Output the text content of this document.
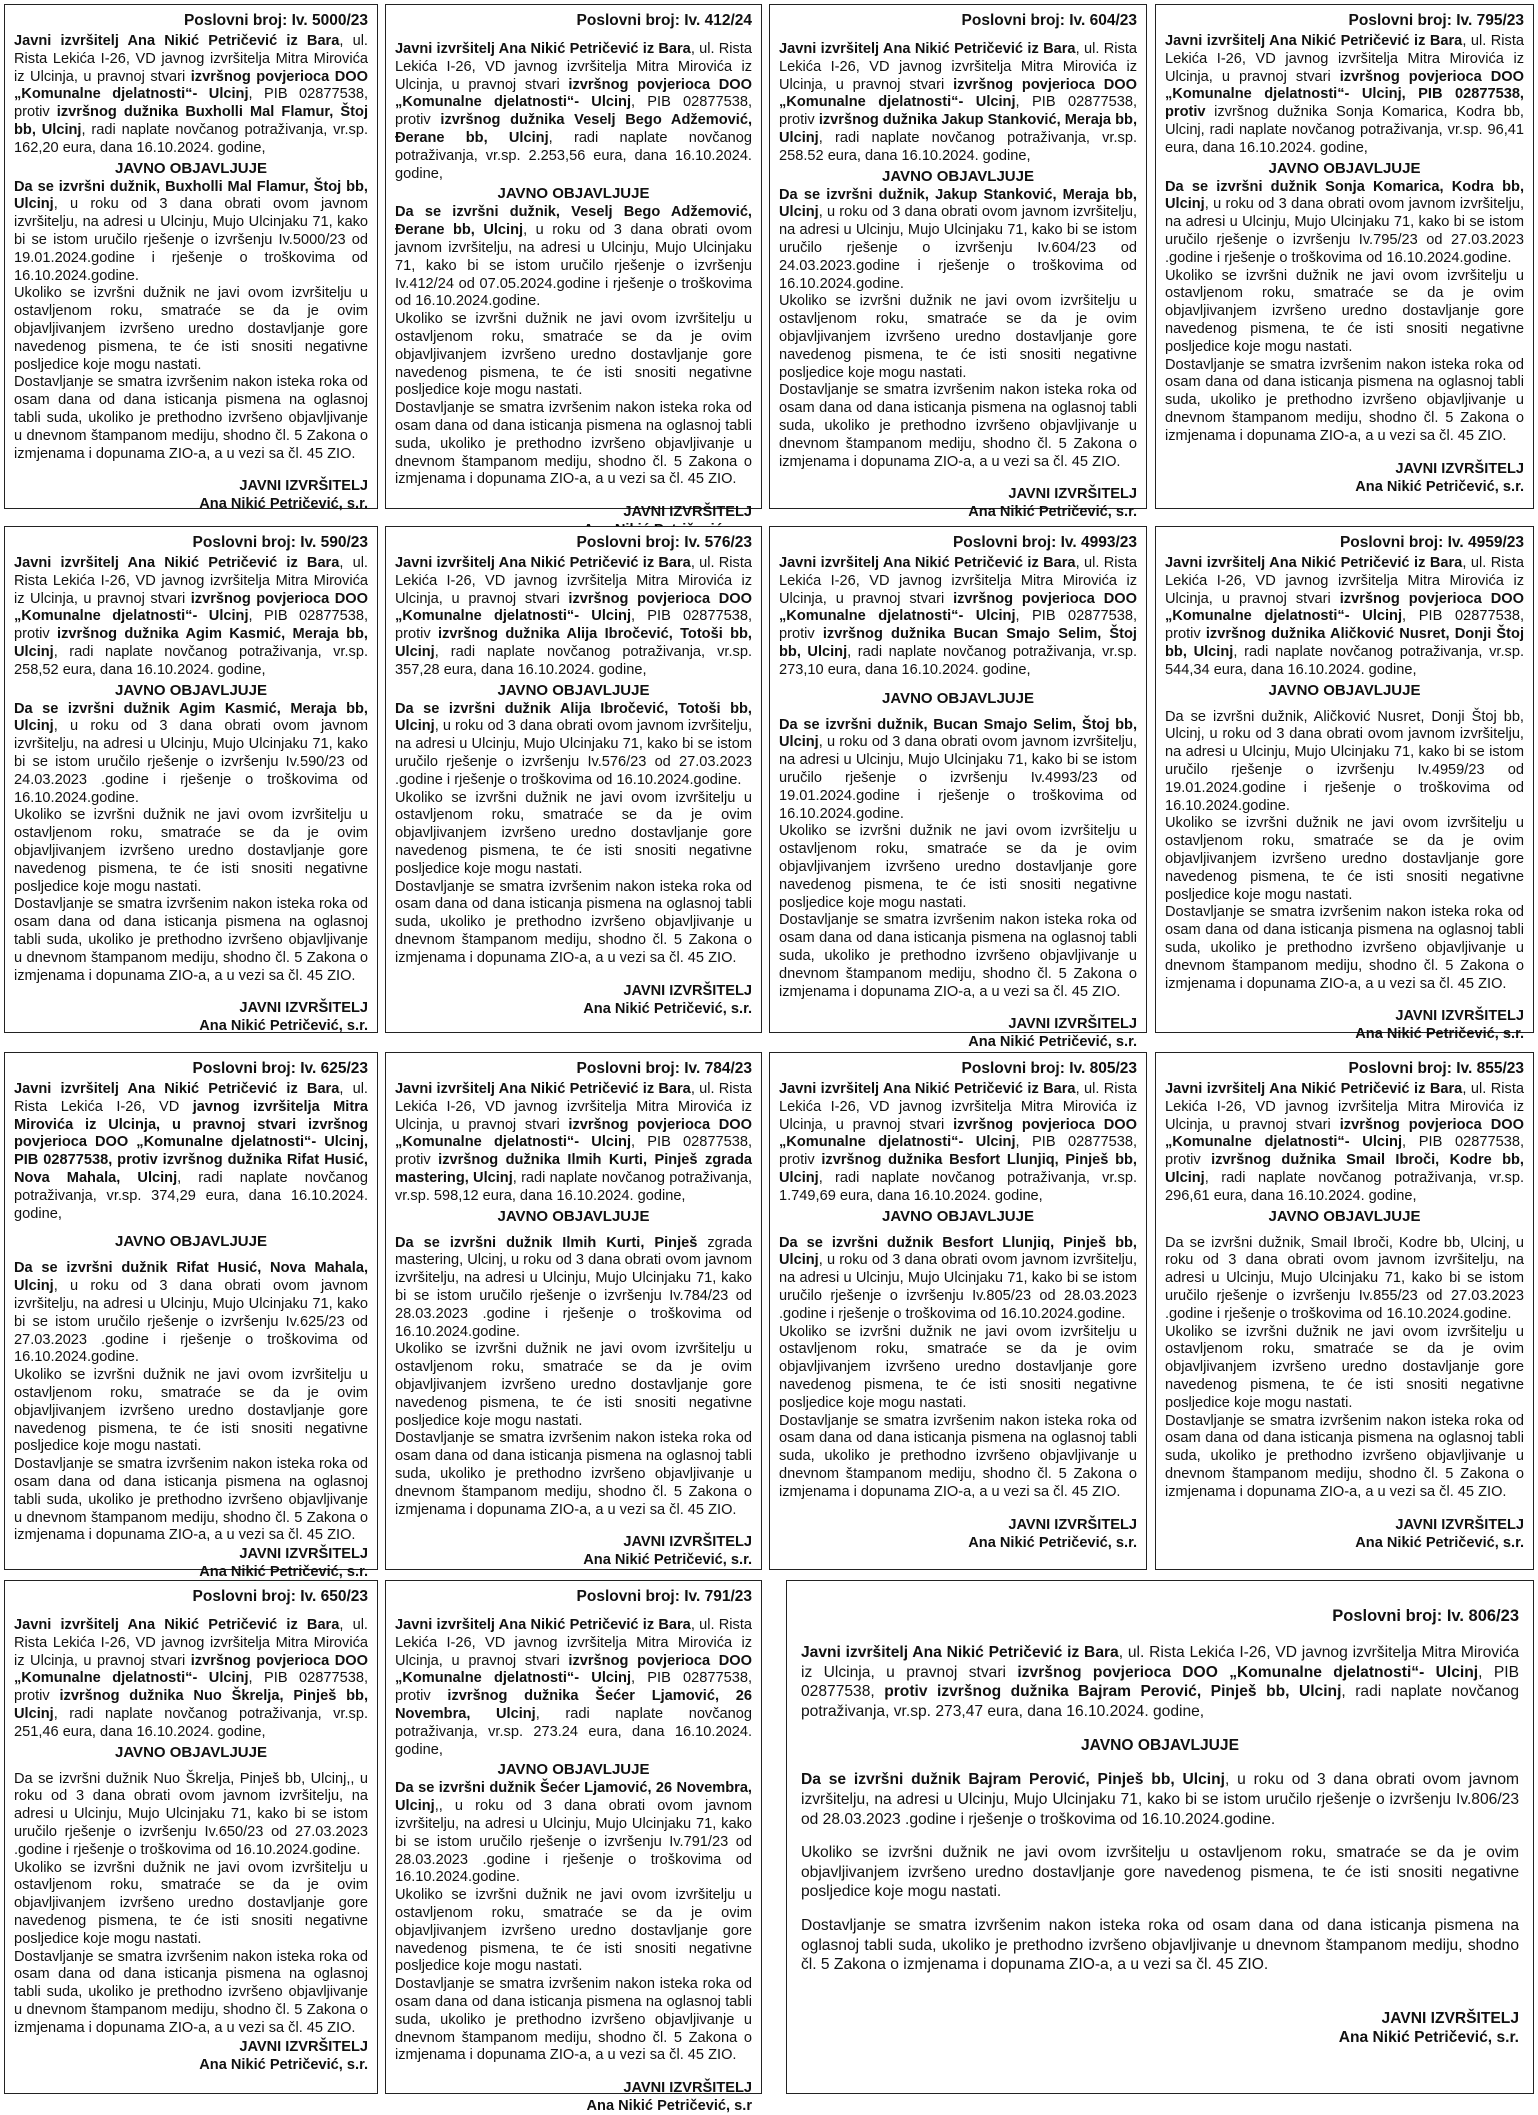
Poslovni broj: Iv. 5000/23
Javni izvršitelj Ana Nikić Petričević iz Bara, ul. Rista Lekića I-26, VD javnog izvršitelja Mitra Mirovića iz Ulcinja, u pravnoj stvari izvršnog povjerioca DOO „Komunalne djelatnosti“- Ulcinj, PIB 02877538, protiv izvršnog dužnika Buxholli Mal Flamur, Štoj bb, Ulcinj, radi naplate novčanog potraživanja, vr.sp. 162,20 eura, dana 16.10.2024. godine,
JAVNO OBJAVLJUJE
Da se izvršni dužnik, Buxholli Mal Flamur, Štoj bb, Ulcinj, u roku od 3 dana obrati ovom javnom izvršitelju, na adresi u Ulcinju, Mujo Ulcinjaku 71, kako bi se istom uručilo rješenje o izvršenju Iv.5000/23 od 19.01.2024.godine i rješenje o troškovima od 16.10.2024.godine.
Ukoliko se izvršni dužnik ne javi ovom izvršitelju u ostavljenom roku, smatraće se da je ovim objavljivanjem izvršeno uredno dostavljanje gore navedenog pismena, te će isti snositi negativne posljedice koje mogu nastati.
Dostavljanje se smatra izvršenim nakon isteka roka od osam dana od dana isticanja pismena na oglasnoj tabli suda, ukoliko je prethodno izvršeno objavljivanje u dnevnom štampanom mediju, shodno čl. 5 Zakona o izmjenama i dopunama ZIO-a, a u vezi sa čl. 45 ZIO.
JAVNI IZVRŠITELJ
Ana Nikić Petričević, s.r.
Poslovni broj: Iv. 412/24
Javni izvršitelj Ana Nikić Petričević iz Bara, ul. Rista Lekića I-26, VD javnog izvršitelja Mitra Mirovića iz Ulcinja, u pravnoj stvari izvršnog povjerioca DOO „Komunalne djelatnosti“- Ulcinj, PIB 02877538, protiv izvršnog dužnika Veselj Bego Adžemović, Đerane bb, Ulcinj, radi naplate novčanog potraživanja, vr.sp. 2.253,56 eura, dana 16.10.2024. godine,
JAVNO OBJAVLJUJE
Da se izvršni dužnik, Veselj Bego Adžemović, Đerane bb, Ulcinj, u roku od 3 dana obrati ovom javnom izvršitelju, na adresi u Ulcinju, Mujo Ulcinjaku 71, kako bi se istom uručilo rješenje o izvršenju Iv.412/24 od 07.05.2024.godine i rješenje o troškovima od 16.10.2024.godine.
Ukoliko se izvršni dužnik ne javi ovom izvršitelju u ostavljenom roku, smatraće se da je ovim objavljivanjem izvršeno uredno dostavljanje gore navedenog pismena, te će isti snositi negativne posljedice koje mogu nastati.
Dostavljanje se smatra izvršenim nakon isteka roka od osam dana od dana isticanja pismena na oglasnoj tabli suda, ukoliko je prethodno izvršeno objavljivanje u dnevnom štampanom mediju, shodno čl. 5 Zakona o izmjenama i dopunama ZIO-a, a u vezi sa čl. 45 ZIO.
JAVNI IZVRŠITELJ
Poslovni broj: Iv. 604/23
Javni izvršitelj Ana Nikić Petričević iz Bara, ul. Rista Lekića I-26, VD javnog izvršitelja Mitra Mirovića iz Ulcinja, u pravnoj stvari izvršnog povjerioca DOO „Komunalne djelatnosti“- Ulcinj, PIB 02877538, protiv izvršnog dužnika Jakup Stanković, Meraja bb, Ulcinj, radi naplate novčanog potraživanja, vr.sp. 258.52 eura, dana 16.10.2024. godine,
JAVNO OBJAVLJUJE
Da se izvršni dužnik, Jakup Stanković, Meraja bb, Ulcinj, u roku od 3 dana obrati ovom javnom izvršitelju, na adresi u Ulcinju, Mujo Ulcinjaku 71, kako bi se istom uručilo rješenje o izvršenju Iv.604/23 od 24.03.2023.godine i rješenje o troškovima od 16.10.2024.godine.
Ukoliko se izvršni dužnik ne javi ovom izvršitelju u ostavljenom roku, smatraće se da je ovim objavljivanjem izvršeno uredno dostavljanje gore navedenog pismena, te će isti snositi negativne posljedice koje mogu nastati.
Dostavljanje se smatra izvršenim nakon isteka roka od osam dana od dana isticanja pismena na oglasnoj tabli suda, ukoliko je prethodno izvršeno objavljivanje u dnevnom štampanom mediju, shodno čl. 5 Zakona o izmjenama i dopunama ZIO-a, a u vezi sa čl. 45 ZIO.
JAVNI IZVRŠITELJ
Ana Nikić Petričević, s.r.
Poslovni broj: Iv. 795/23
Javni izvršitelj Ana Nikić Petričević iz Bara, ul. Rista Lekića I-26, VD javnog izvršitelja Mitra Mirovića iz Ulcinja, u pravnoj stvari izvršnog povjerioca DOO „Komunalne djelatnosti“- Ulcinj, PIB 02877538, protiv izvršnog dužnika Sonja Komarica, Kodra bb, Ulcinj, radi naplate novčanog potraživanja, vr.sp. 96,41 eura, dana 16.10.2024. godine,
JAVNO OBJAVLJUJE
Da se izvršni dužnik Sonja Komarica, Kodra bb, Ulcinj, u roku od 3 dana obrati ovom javnom izvršitelju, na adresi u Ulcinju, Mujo Ulcinjaku 71, kako bi se istom uručilo rješenje o izvršenju Iv.795/23 od 27.03.2023 .godine i rješenje o troškovima od 16.10.2024.godine.
Ukoliko se izvršni dužnik ne javi ovom izvršitelju u ostavljenom roku, smatraće se da je ovim objavljivanjem izvršeno uredno dostavljanje gore navedenog pismena, te će isti snositi negativne posljedice koje mogu nastati.
Dostavljanje se smatra izvršenim nakon isteka roka od osam dana od dana isticanja pismena na oglasnoj tabli suda, ukoliko je prethodno izvršeno objavljivanje u dnevnom štampanom mediju, shodno čl. 5 Zakona o izmjenama i dopunama ZIO-a, a u vezi sa čl. 45 ZIO.
JAVNI IZVRŠITELJ
Ana Nikić Petričević, s.r.
Poslovni broj: Iv. 590/23
Javni izvršitelj Ana Nikić Petričević iz Bara, ul. Rista Lekića I-26, VD javnog izvršitelja Mitra Mirovića iz Ulcinja, u pravnoj stvari izvršnog povjerioca DOO „Komunalne djelatnosti“- Ulcinj, PIB 02877538, protiv izvršnog dužnika Agim Kasmić, Meraja bb, Ulcinj, radi naplate novčanog potraživanja, vr.sp. 258,52 eura, dana 16.10.2024. godine,
JAVNO OBJAVLJUJE
Da se izvršni dužnik Agim Kasmić, Meraja bb, Ulcinj, u roku od 3 dana obrati ovom javnom izvršitelju, na adresi u Ulcinju, Mujo Ulcinjaku 71, kako bi se istom uručilo rješenje o izvršenju Iv.590/23 od 24.03.2023 .godine i rješenje o troškovima od 16.10.2024.godine.
Ukoliko se izvršni dužnik ne javi ovom izvršitelju u ostavljenom roku, smatraće se da je ovim objavljivanjem izvršeno uredno dostavljanje gore navedenog pismena, te će isti snositi negativne posljedice koje mogu nastati.
Dostavljanje se smatra izvršenim nakon isteka roka od osam dana od dana isticanja pismena na oglasnoj tabli suda, ukoliko je prethodno izvršeno objavljivanje u dnevnom štampanom mediju, shodno čl. 5 Zakona o izmjenama i dopunama ZIO-a, a u vezi sa čl. 45 ZIO.
JAVNI IZVRŠITELJ
Ana Nikić Petričević, s.r.
Poslovni broj: Iv. 576/23
Javni izvršitelj Ana Nikić Petričević iz Bara, ul. Rista Lekića I-26, VD javnog izvršitelja Mitra Mirovića iz Ulcinja, u pravnoj stvari izvršnog povjerioca DOO „Komunalne djelatnosti“- Ulcinj, PIB 02877538, protiv izvršnog dužnika Alija Ibročević, Totoši bb, Ulcinj, radi naplate novčanog potraživanja, vr.sp. 357,28 eura, dana 16.10.2024. godine,
JAVNO OBJAVLJUJE
Da se izvršni dužnik Alija Ibročević, Totoši bb, Ulcinj, u roku od 3 dana obrati ovom javnom izvršitelju, na adresi u Ulcinju, Mujo Ulcinjaku 71, kako bi se istom uručilo rješenje o izvršenju Iv.576/23 od 27.03.2023 .godine i rješenje o troškovima od 16.10.2024.godine.
Ukoliko se izvršni dužnik ne javi ovom izvršitelju u ostavljenom roku, smatraće se da je ovim objavljivanjem izvršeno uredno dostavljanje gore navedenog pismena, te će isti snositi negativne posljedice koje mogu nastati.
Dostavljanje se smatra izvršenim nakon isteka roka od osam dana od dana isticanja pismena na oglasnoj tabli suda, ukoliko je prethodno izvršeno objavljivanje u dnevnom štampanom mediju, shodno čl. 5 Zakona o izmjenama i dopunama ZIO-a, a u vezi sa čl. 45 ZIO.
JAVNI IZVRŠITELJ
Ana Nikić Petričević, s.r.
Poslovni broj: Iv. 4993/23
Javni izvršitelj Ana Nikić Petričević iz Bara, ul. Rista Lekića I-26, VD javnog izvršitelja Mitra Mirovića iz Ulcinja, u pravnoj stvari izvršnog povjerioca DOO „Komunalne djelatnosti“- Ulcinj, PIB 02877538, protiv izvršnog dužnika Bucan Smajo Selim, Štoj bb, Ulcinj, radi naplate novčanog potraživanja, vr.sp. 273,10 eura, dana 16.10.2024. godine,
JAVNO OBJAVLJUJE
Da se izvršni dužnik, Bucan Smajo Selim, Štoj bb, Ulcinj, u roku od 3 dana obrati ovom javnom izvršitelju, na adresi u Ulcinju, Mujo Ulcinjaku 71, kako bi se istom uručilo rješenje o izvršenju Iv.4993/23 od 19.01.2024.godine i rješenje o troškovima od 16.10.2024.godine.
Ukoliko se izvršni dužnik ne javi ovom izvršitelju u ostavljenom roku, smatraće se da je ovim objavljivanjem izvršeno uredno dostavljanje gore navedenog pismena, te će isti snositi negativne posljedice koje mogu nastati.
Dostavljanje se smatra izvršenim nakon isteka roka od osam dana od dana isticanja pismena na oglasnoj tabli suda, ukoliko je prethodno izvršeno objavljivanje u dnevnom štampanom mediju, shodno čl. 5 Zakona o izmjenama i dopunama ZIO-a, a u vezi sa čl. 45 ZIO.
JAVNI IZVRŠITELJ
Ana Nikić Petričević, s.r.
Poslovni broj: Iv. 4959/23
Javni izvršitelj Ana Nikić Petričević iz Bara, ul. Rista Lekića I-26, VD javnog izvršitelja Mitra Mirovića iz Ulcinja, u pravnoj stvari izvršnog povjerioca DOO „Komunalne djelatnosti“- Ulcinj, PIB 02877538, protiv izvršnog dužnika Aličković Nusret, Donji Štoj bb, Ulcinj, radi naplate novčanog potraživanja, vr.sp. 544,34 eura, dana 16.10.2024. godine,
JAVNO OBJAVLJUJE
Da se izvršni dužnik, Aličković Nusret, Donji Štoj bb, Ulcinj, u roku od 3 dana obrati ovom javnom izvršitelju, na adresi u Ulcinju, Mujo Ulcinjaku 71, kako bi se istom uručilo rješenje o izvršenju Iv.4959/23 od 19.01.2024.godine i rješenje o troškovima od 16.10.2024.godine.
Ukoliko se izvršni dužnik ne javi ovom izvršitelju u ostavljenom roku, smatraće se da je ovim objavljivanjem izvršeno uredno dostavljanje gore navedenog pismena, te će isti snositi negativne posljedice koje mogu nastati.
Dostavljanje se smatra izvršenim nakon isteka roka od osam dana od dana isticanja pismena na oglasnoj tabli suda, ukoliko je prethodno izvršeno objavljivanje u dnevnom štampanom mediju, shodno čl. 5 Zakona o izmjenama i dopunama ZIO-a, a u vezi sa čl. 45 ZIO.
JAVNI IZVRŠITELJ
Ana Nikić Petričević, s.r.
Poslovni broj: Iv. 625/23
Javni izvršitelj Ana Nikić Petričević iz Bara, ul. Rista Lekića I-26, VD javnog izvršitelja Mitra Mirovića iz Ulcinja, u pravnoj stvari izvršnog povjerioca DOO „Komunalne djelatnosti“- Ulcinj, PIB 02877538, protiv izvršnog dužnika Rifat Husić, Nova Mahala, Ulcinj, radi naplate novčanog potraživanja, vr.sp. 374,29 eura, dana 16.10.2024. godine,
JAVNO OBJAVLJUJE
Da se izvršni dužnik Rifat Husić, Nova Mahala, Ulcinj, u roku od 3 dana obrati ovom javnom izvršitelju, na adresi u Ulcinju, Mujo Ulcinjaku 71, kako bi se istom uručilo rješenje o izvršenju Iv.625/23 od 27.03.2023 .godine i rješenje o troškovima od 16.10.2024.godine.
Ukoliko se izvršni dužnik ne javi ovom izvršitelju u ostavljenom roku, smatraće se da je ovim objavljivanjem izvršeno uredno dostavljanje gore navedenog pismena, te će isti snositi negativne posljedice koje mogu nastati.
Dostavljanje se smatra izvršenim nakon isteka roka od osam dana od dana isticanja pismena na oglasnoj tabli suda, ukoliko je prethodno izvršeno objavljivanje u dnevnom štampanom mediju, shodno čl. 5 Zakona o izmjenama i dopunama ZIO-a, a u vezi sa čl. 45 ZIO.
JAVNI IZVRŠITELJ
Ana Nikić Petričević, s.r.
Poslovni broj: Iv. 784/23
Javni izvršitelj Ana Nikić Petričević iz Bara, ul. Rista Lekića I-26, VD javnog izvršitelja Mitra Mirovića iz Ulcinja, u pravnoj stvari izvršnog povjerioca DOO „Komunalne djelatnosti“- Ulcinj, PIB 02877538, protiv izvršnog dužnika Ilmih Kurti, Pinješ zgrada mastering, Ulcinj, radi naplate novčanog potraživanja, vr.sp. 598,12 eura, dana 16.10.2024. godine,
JAVNO OBJAVLJUJE
Da se izvršni dužnik Ilmih Kurti, Pinješ zgrada mastering, Ulcinj, u roku od 3 dana obrati ovom javnom izvršitelju, na adresi u Ulcinju, Mujo Ulcinjaku 71, kako bi se istom uručilo rješenje o izvršenju Iv.784/23 od 28.03.2023 .godine i rješenje o troškovima od 16.10.2024.godine.
Ukoliko se izvršni dužnik ne javi ovom izvršitelju u ostavljenom roku, smatraće se da je ovim objavljivanjem izvršeno uredno dostavljanje gore navedenog pismena, te će isti snositi negativne posljedice koje mogu nastati.
Dostavljanje se smatra izvršenim nakon isteka roka od osam dana od dana isticanja pismena na oglasnoj tabli suda, ukoliko je prethodno izvršeno objavljivanje u dnevnom štampanom mediju, shodno čl. 5 Zakona o izmjenama i dopunama ZIO-a, a u vezi sa čl. 45 ZIO.
JAVNI IZVRŠITELJ
Ana Nikić Petričević, s.r.
Poslovni broj: Iv. 805/23
Javni izvršitelj Ana Nikić Petričević iz Bara, ul. Rista Lekića I-26, VD javnog izvršitelja Mitra Mirovića iz Ulcinja, u pravnoj stvari izvršnog povjerioca DOO „Komunalne djelatnosti“- Ulcinj, PIB 02877538, protiv izvršnog dužnika Besfort Llunjiq, Pinješ bb, Ulcinj, radi naplate novčanog potraživanja, vr.sp. 1.749,69 eura, dana 16.10.2024. godine,
JAVNO OBJAVLJUJE
Da se izvršni dužnik Besfort Llunjiq, Pinješ bb, Ulcinj, u roku od 3 dana obrati ovom javnom izvršitelju, na adresi u Ulcinju, Mujo Ulcinjaku 71, kako bi se istom uručilo rješenje o izvršenju Iv.805/23 od 28.03.2023 .godine i rješenje o troškovima od 16.10.2024.godine.
Ukoliko se izvršni dužnik ne javi ovom izvršitelju u ostavljenom roku, smatraće se da je ovim objavljivanjem izvršeno uredno dostavljanje gore navedenog pismena, te će isti snositi negativne posljedice koje mogu nastati.
Dostavljanje se smatra izvršenim nakon isteka roka od osam dana od dana isticanja pismena na oglasnoj tabli suda, ukoliko je prethodno izvršeno objavljivanje u dnevnom štampanom mediju, shodno čl. 5 Zakona o izmjenama i dopunama ZIO-a, a u vezi sa čl. 45 ZIO.
JAVNI IZVRŠITELJ
Ana Nikić Petričević, s.r.
Poslovni broj: Iv. 855/23
Javni izvršitelj Ana Nikić Petričević iz Bara, ul. Rista Lekića I-26, VD javnog izvršitelja Mitra Mirovića iz Ulcinja, u pravnoj stvari izvršnog povjerioca DOO „Komunalne djelatnosti“- Ulcinj, PIB 02877538, protiv izvršnog dužnika Smail Ibroči, Kodre bb, Ulcinj, radi naplate novčanog potraživanja, vr.sp. 296,61 eura, dana 16.10.2024. godine,
JAVNO OBJAVLJUJE
Da se izvršni dužnik, Smail Ibroči, Kodre bb, Ulcinj, u roku od 3 dana obrati ovom javnom izvršitelju, na adresi u Ulcinju, Mujo Ulcinjaku 71, kako bi se istom uručilo rješenje o izvršenju Iv.855/23 od 27.03.2023 .godine i rješenje o troškovima od 16.10.2024.godine.
Ukoliko se izvršni dužnik ne javi ovom izvršitelju u ostavljenom roku, smatraće se da je ovim objavljivanjem izvršeno uredno dostavljanje gore navedenog pismena, te će isti snositi negativne posljedice koje mogu nastati.
Dostavljanje se smatra izvršenim nakon isteka roka od osam dana od dana isticanja pismena na oglasnoj tabli suda, ukoliko je prethodno izvršeno objavljivanje u dnevnom štampanom mediju, shodno čl. 5 Zakona o izmjenama i dopunama ZIO-a, a u vezi sa čl. 45 ZIO.
JAVNI IZVRŠITELJ
Ana Nikić Petričević, s.r.
Poslovni broj: Iv. 650/23
Javni izvršitelj Ana Nikić Petričević iz Bara, ul. Rista Lekića I-26, VD javnog izvršitelja Mitra Mirovića iz Ulcinja, u pravnoj stvari izvršnog povjerioca DOO „Komunalne djelatnosti“- Ulcinj, PIB 02877538, protiv izvršnog dužnika Nuo Škrelja, Pinješ bb, Ulcinj, radi naplate novčanog potraživanja, vr.sp. 251,46 eura, dana 16.10.2024. godine,
JAVNO OBJAVLJUJE
Da se izvršni dužnik Nuo Škrelja, Pinješ bb, Ulcinj,, u roku od 3 dana obrati ovom javnom izvršitelju, na adresi u Ulcinju, Mujo Ulcinjaku 71, kako bi se istom uručilo rješenje o izvršenju Iv.650/23 od 27.03.2023 .godine i rješenje o troškovima od 16.10.2024.godine.
Ukoliko se izvršni dužnik ne javi ovom izvršitelju u ostavljenom roku, smatraće se da je ovim objavljivanjem izvršeno uredno dostavljanje gore navedenog pismena, te će isti snositi negativne posljedice koje mogu nastati.
Dostavljanje se smatra izvršenim nakon isteka roka od osam dana od dana isticanja pismena na oglasnoj tabli suda, ukoliko je prethodno izvršeno objavljivanje u dnevnom štampanom mediju, shodno čl. 5 Zakona o izmjenama i dopunama ZIO-a, a u vezi sa čl. 45 ZIO.
JAVNI IZVRŠITELJ
Ana Nikić Petričević, s.r.
Poslovni broj: Iv. 791/23
Javni izvršitelj Ana Nikić Petričević iz Bara, ul. Rista Lekića I-26, VD javnog izvršitelja Mitra Mirovića iz Ulcinja, u pravnoj stvari izvršnog povjerioca DOO „Komunalne djelatnosti“- Ulcinj, PIB 02877538, protiv izvršnog dužnika Šećer Ljamović, 26 Novembra, Ulcinj, radi naplate novčanog potraživanja, vr.sp. 273.24 eura, dana 16.10.2024. godine,
JAVNO OBJAVLJUJE
Da se izvršni dužnik Šećer Ljamović, 26 Novembra, Ulcinj,, u roku od 3 dana obrati ovom javnom izvršitelju, na adresi u Ulcinju, Mujo Ulcinjaku 71, kako bi se istom uručilo rješenje o izvršenju Iv.791/23 od 28.03.2023 .godine i rješenje o troškovima od 16.10.2024.godine.
Ukoliko se izvršni dužnik ne javi ovom izvršitelju u ostavljenom roku, smatraće se da je ovim objavljivanjem izvršeno uredno dostavljanje gore navedenog pismena, te će isti snositi negativne posljedice koje mogu nastati.
Dostavljanje se smatra izvršenim nakon isteka roka od osam dana od dana isticanja pismena na oglasnoj tabli suda, ukoliko je prethodno izvršeno objavljivanje u dnevnom štampanom mediju, shodno čl. 5 Zakona o izmjenama i dopunama ZIO-a, a u vezi sa čl. 45 ZIO.
JAVNI IZVRŠITELJ
Ana Nikić Petričević, s.r
Poslovni broj: Iv. 806/23
Javni izvršitelj Ana Nikić Petričević iz Bara, ul. Rista Lekića I-26, VD javnog izvršitelja Mitra Mirovića iz Ulcinja, u pravnoj stvari izvršnog povjerioca DOO „Komunalne djelatnosti“- Ulcinj, PIB 02877538, protiv izvršnog dužnika Bajram Perović, Pinješ bb, Ulcinj, radi naplate novčanog potraživanja, vr.sp. 273,47 eura, dana 16.10.2024. godine,
JAVNO OBJAVLJUJE
Da se izvršni dužnik Bajram Perović, Pinješ bb, Ulcinj, u roku od 3 dana obrati ovom javnom izvršitelju, na adresi u Ulcinju, Mujo Ulcinjaku 71, kako bi se istom uručilo rješenje o izvršenju Iv.806/23 od 28.03.2023 .godine i rješenje o troškovima od 16.10.2024.godine.
Ukoliko se izvršni dužnik ne javi ovom izvršitelju u ostavljenom roku, smatraće se da je ovim objavljivanjem izvršeno uredno dostavljanje gore navedenog pismena, te će isti snositi negativne posljedice koje mogu nastati.
Dostavljanje se smatra izvršenim nakon isteka roka od osam dana od dana isticanja pismena na oglasnoj tabli suda, ukoliko je prethodno izvršeno objavljivanje u dnevnom štampanom mediju, shodno čl. 5 Zakona o izmjenama i dopunama ZIO-a, a u vezi sa čl. 45 ZIO.
JAVNI IZVRŠITELJ
Ana Nikić Petričević, s.r.
